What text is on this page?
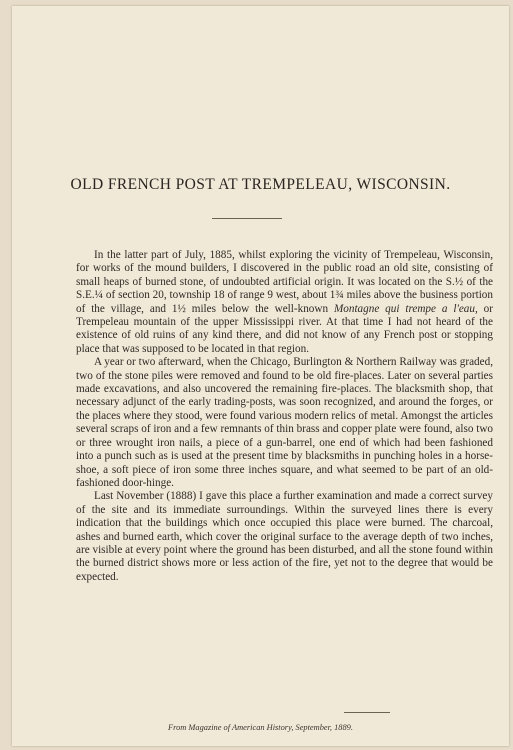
OLD FRENCH POST AT TREMPELEAU, WISCONSIN.

In the latter part of July, 1885, whilst exploring the vicinity of Trempeleau, Wisconsin, for works of the mound builders, I discovered in the public road an old site, consisting of small heaps of burned stone, of undoubted artificial origin. It was located on the S.½ of the S.E.¼ of section 20, township 18 of range 9 west, about 1¾ miles above the business portion of the village, and 1½ miles below the well-known Montagne qui trempe a l'eau, or Trempeleau mountain of the upper Mississippi river. At that time I had not heard of the existence of old ruins of any kind there, and did not know of any French post or stopping place that was supposed to be located in that region.

A year or two afterward, when the Chicago, Burlington & Northern Railway was graded, two of the stone piles were removed and found to be old fire-places. Later on several parties made excavations, and also uncovered the remaining fire-places. The blacksmith shop, that necessary adjunct of the early trading-posts, was soon recognized, and around the forges, or the places where they stood, were found various modern relics of metal. Amongst the articles several scraps of iron and a few remnants of thin brass and copper plate were found, also two or three wrought iron nails, a piece of a gun-barrel, one end of which had been fashioned into a punch such as is used at the present time by blacksmiths in punching holes in a horse-shoe, a soft piece of iron some three inches square, and what seemed to be part of an old-fashioned door-hinge.

Last November (1888) I gave this place a further examination and made a correct survey of the site and its immediate surroundings. Within the surveyed lines there is every indication that the buildings which once occupied this place were burned. The charcoal, ashes and burned earth, which cover the original surface to the average depth of two inches, are visible at every point where the ground has been disturbed, and all the stone found within the burned district shows more or less action of the fire, yet not to the degree that would be expected.

From Magazine of American History, September, 1889.
